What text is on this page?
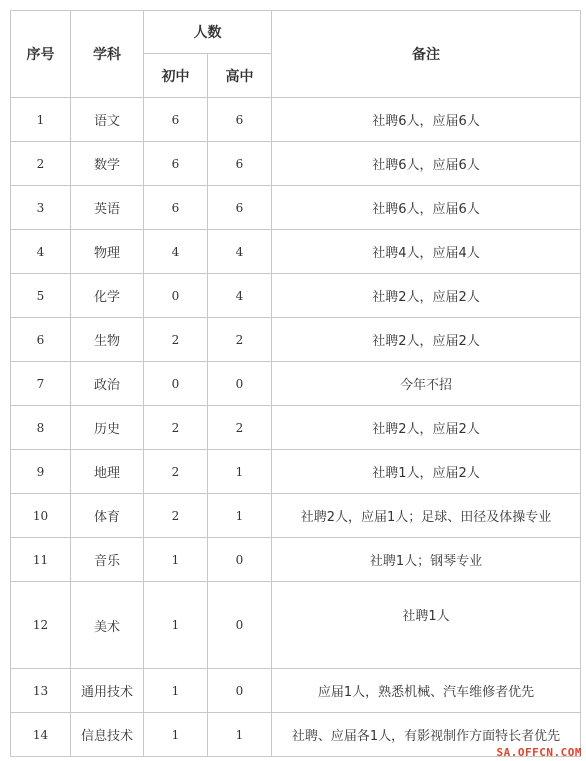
序号	学科	人数		备注
		初中	高中	
1	语文	6	6	社聘6人，应届6人
2	数学	6	6	社聘6人，应届6人
3	英语	6	6	社聘6人，应届6人
4	物理	4	4	社聘4人，应届4人
5	化学	0	4	社聘2人，应届2人
6	生物	2	2	社聘2人，应届2人
7	政治	0	0	今年不招
8	历史	2	2	社聘2人，应届2人
9	地理	2	1	社聘1人，应届2人
10	体育	2	1	社聘2人，应届1人；足球、田径及体操专业
11	音乐	1	0	社聘1人；钢琴专业
12	美术	1	0	社聘1人

13	通用技术	1	0	应届1人，熟悉机械、汽车维修者优先
14	信息技术	1	1	社聘、应届各1人，有影视制作方面特长者优先
SA.OFFCN.COM
